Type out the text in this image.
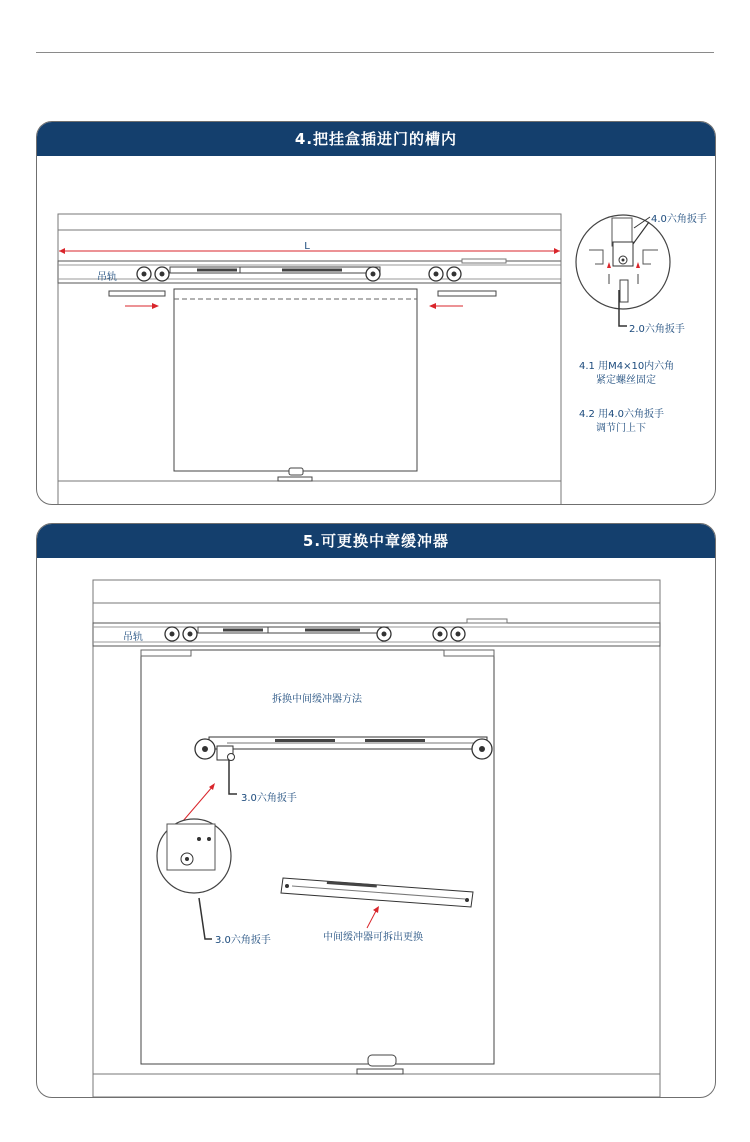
4.把挂盒插进门的槽内
L
吊轨
4.0六角扳手
2.0六角扳手
4.1 用M4×10内六角
紧定螺丝固定
4.2 用4.0六角扳手
调节门上下
5.可更换中章缓冲器
吊轨
拆换中间缓冲器方法
3.0六角扳手
3.0六角扳手	中间缓冲器可拆出更换
